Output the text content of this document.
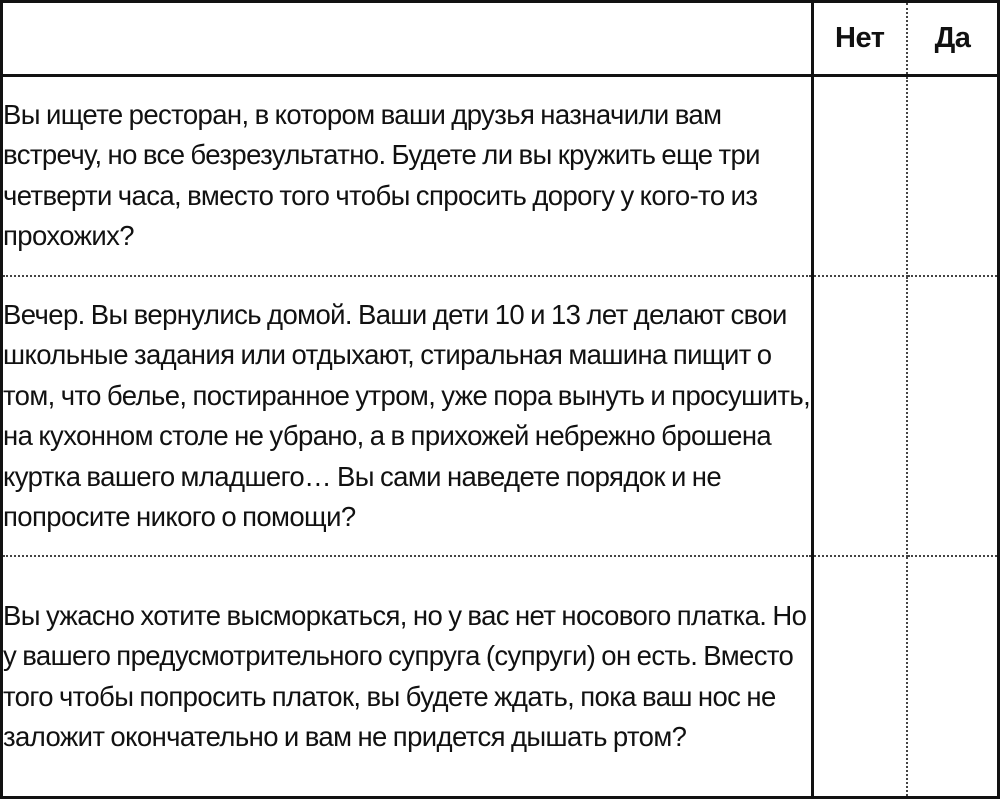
	Нет	Да

Вы ищете ресторан, в котором ваши друзья назначили вам встречу, но все безрезультатно. Будете ли вы кружить еще три четверти часа, вместо того чтобы спросить дорогу у кого-то из прохожих?		

Вечер. Вы вернулись домой. Ваши дети 10 и 13 лет делают свои школьные задания или отдыхают, стиральная машина пищит о том, что белье, постиранное утром, уже пора вынуть и просушить, на кухонном столе не убрано, а в прихожей небрежно брошена куртка вашего младшего… Вы сами наведете порядок и не попросите никого о помощи?		

Вы ужасно хотите высморкаться, но у вас нет носового платка. Но у вашего предусмотрительного супруга (супруги) он есть. Вместо того чтобы попросить платок, вы будете ждать, пока ваш нос не заложит окончательно и вам не придется дышать ртом?		
